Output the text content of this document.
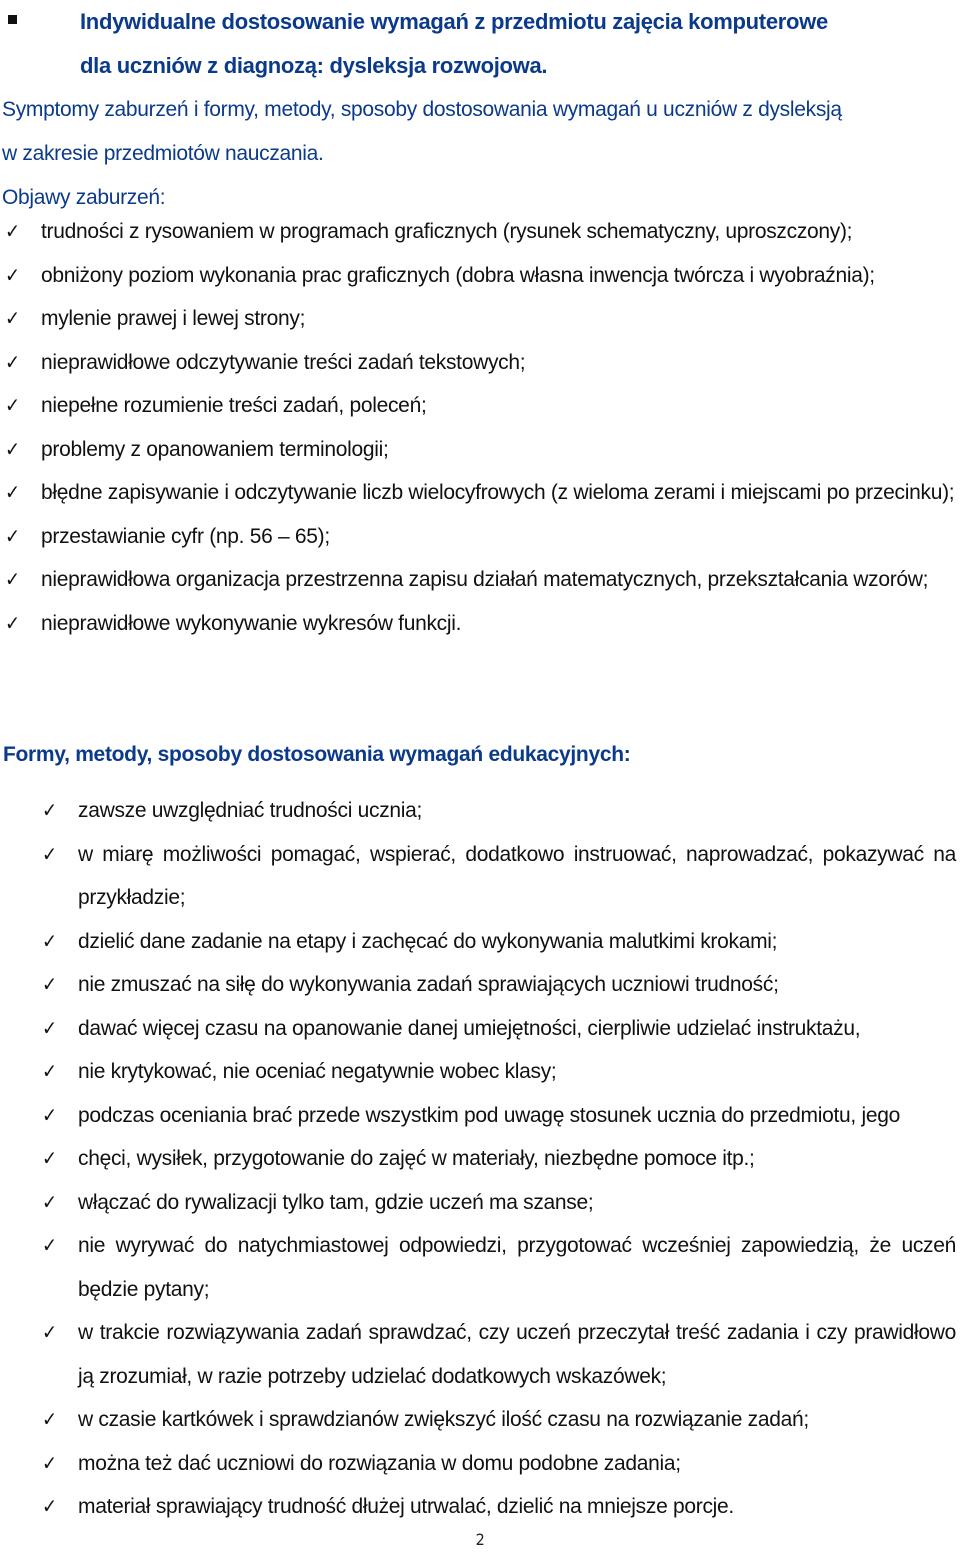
Indywidualne dostosowanie wymagań z przedmiotu zajęcia komputerowe
dla uczniów z diagnozą: dysleksja rozwojowa.
Symptomy zaburzeń i formy, metody, sposoby dostosowania wymagań u uczniów z dysleksją
w zakresie przedmiotów nauczania.
Objawy zaburzeń:
✓ trudności z rysowaniem w programach graficznych (rysunek schematyczny, uproszczony);
✓ obniżony poziom wykonania prac graficznych (dobra własna inwencja twórcza i wyobraźnia);
✓ mylenie prawej i lewej strony;
✓ nieprawidłowe odczytywanie treści zadań tekstowych;
✓ niepełne rozumienie treści zadań, poleceń;
✓ problemy z opanowaniem terminologii;
✓ błędne zapisywanie i odczytywanie liczb wielocyfrowych (z wieloma zerami i miejscami po przecinku);
✓ przestawianie cyfr (np. 56 – 65);
✓ nieprawidłowa organizacja przestrzenna zapisu działań matematycznych, przekształcania wzorów;
✓ nieprawidłowe wykonywanie wykresów funkcji.
Formy, metody, sposoby dostosowania wymagań edukacyjnych:
✓ zawsze uwzględniać trudności ucznia;
✓ w miarę możliwości pomagać, wspierać, dodatkowo instruować, naprowadzać, pokazywać na przykładzie;
✓ dzielić dane zadanie na etapy i zachęcać do wykonywania malutkimi krokami;
✓ nie zmuszać na siłę do wykonywania zadań sprawiających uczniowi trudność;
✓ dawać więcej czasu na opanowanie danej umiejętności, cierpliwie udzielać instruktażu,
✓ nie krytykować, nie oceniać negatywnie wobec klasy;
✓ podczas oceniania brać przede wszystkim pod uwagę stosunek ucznia do przedmiotu, jego
✓ chęci, wysiłek, przygotowanie do zajęć w materiały, niezbędne pomoce itp.;
✓ włączać do rywalizacji tylko tam, gdzie uczeń ma szanse;
✓ nie wyrywać do natychmiastowej odpowiedzi, przygotować wcześniej zapowiedzią, że uczeń będzie pytany;
✓ w trakcie rozwiązywania zadań sprawdzać, czy uczeń przeczytał treść zadania i czy prawidłowo ją zrozumiał, w razie potrzeby udzielać dodatkowych wskazówek;
✓ w czasie kartkówek i sprawdzianów zwiększyć ilość czasu na rozwiązanie zadań;
✓ można też dać uczniowi do rozwiązania w domu podobne zadania;
✓ materiał sprawiający trudność dłużej utrwalać, dzielić na mniejsze porcje.
2
